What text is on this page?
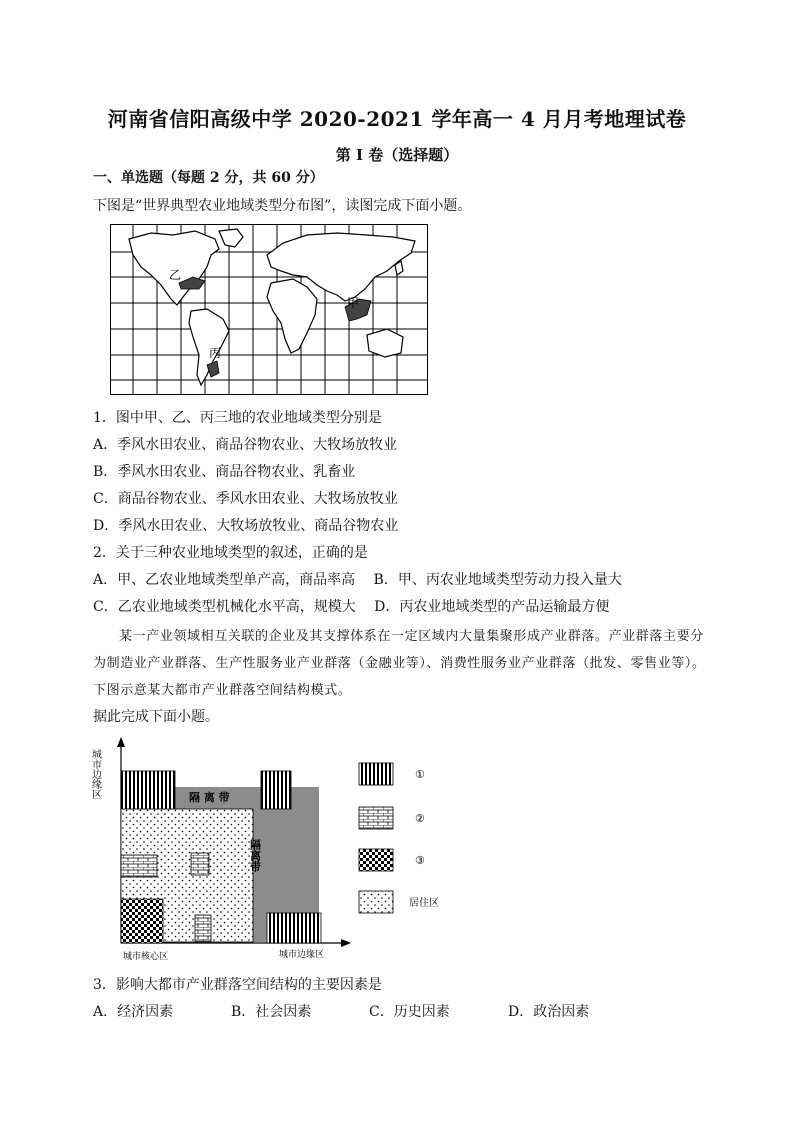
河南省信阳高级中学 2020-2021 学年高一 4 月月考地理试卷
第 I 卷（选择题）
一、单选题（每题 2 分，共 60 分）
下图是“世界典型农业地域类型分布图”，读图完成下面小题。
乙
甲
丙
1．图中甲、乙、丙三地的农业地域类型分别是
A．季风水田农业、商品谷物农业、大牧场放牧业
B．季风水田农业、商品谷物农业、乳畜业
C．商品谷物农业、季风水田农业、大牧场放牧业
D．季风水田农业、大牧场放牧业、商品谷物农业
2．关于三种农业地域类型的叙述，正确的是
A．甲、乙农业地域类型单产高，商品率高　 B．甲、丙农业地域类型劳动力投入量大
C．乙农业地域类型机械化水平高，规模大　 D．丙农业地域类型的产品运输最方便
某一产业领域相互关联的企业及其支撑体系在一定区域内大量集聚形成产业群落。产业群落主要分为制造业产业群落、生产性服务业产业群落（金融业等）、消费性服务业产业群落（批发、零售业等）。下图示意某大都市产业群落空间结构模式。
据此完成下面小题。
隔 离 带
隔离带
城市边缘区
城市核心区	城市边缘区
①
②
③
居住区
3．影响大都市产业群落空间结构的主要因素是
A．经济因素	B．社会因素	C．历史因素	D．政治因素
